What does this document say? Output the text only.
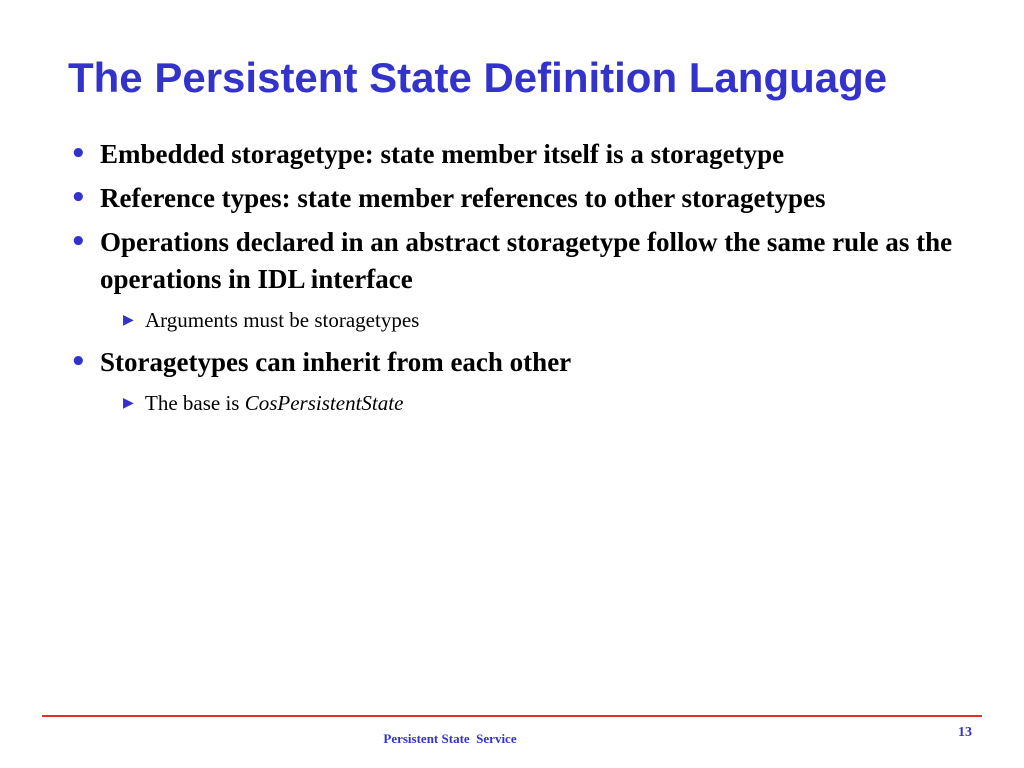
The Persistent State Definition Language
• Embedded storagetype: state member itself is a storagetype
• Reference types: state member references to other storagetypes
• Operations declared in an abstract storagetype follow the same rule as the operations in IDL interface
▶ Arguments must be storagetypes
• Storagetypes can inherit from each other
▶ The base is CosPersistentState
Persistent State  Service	13
